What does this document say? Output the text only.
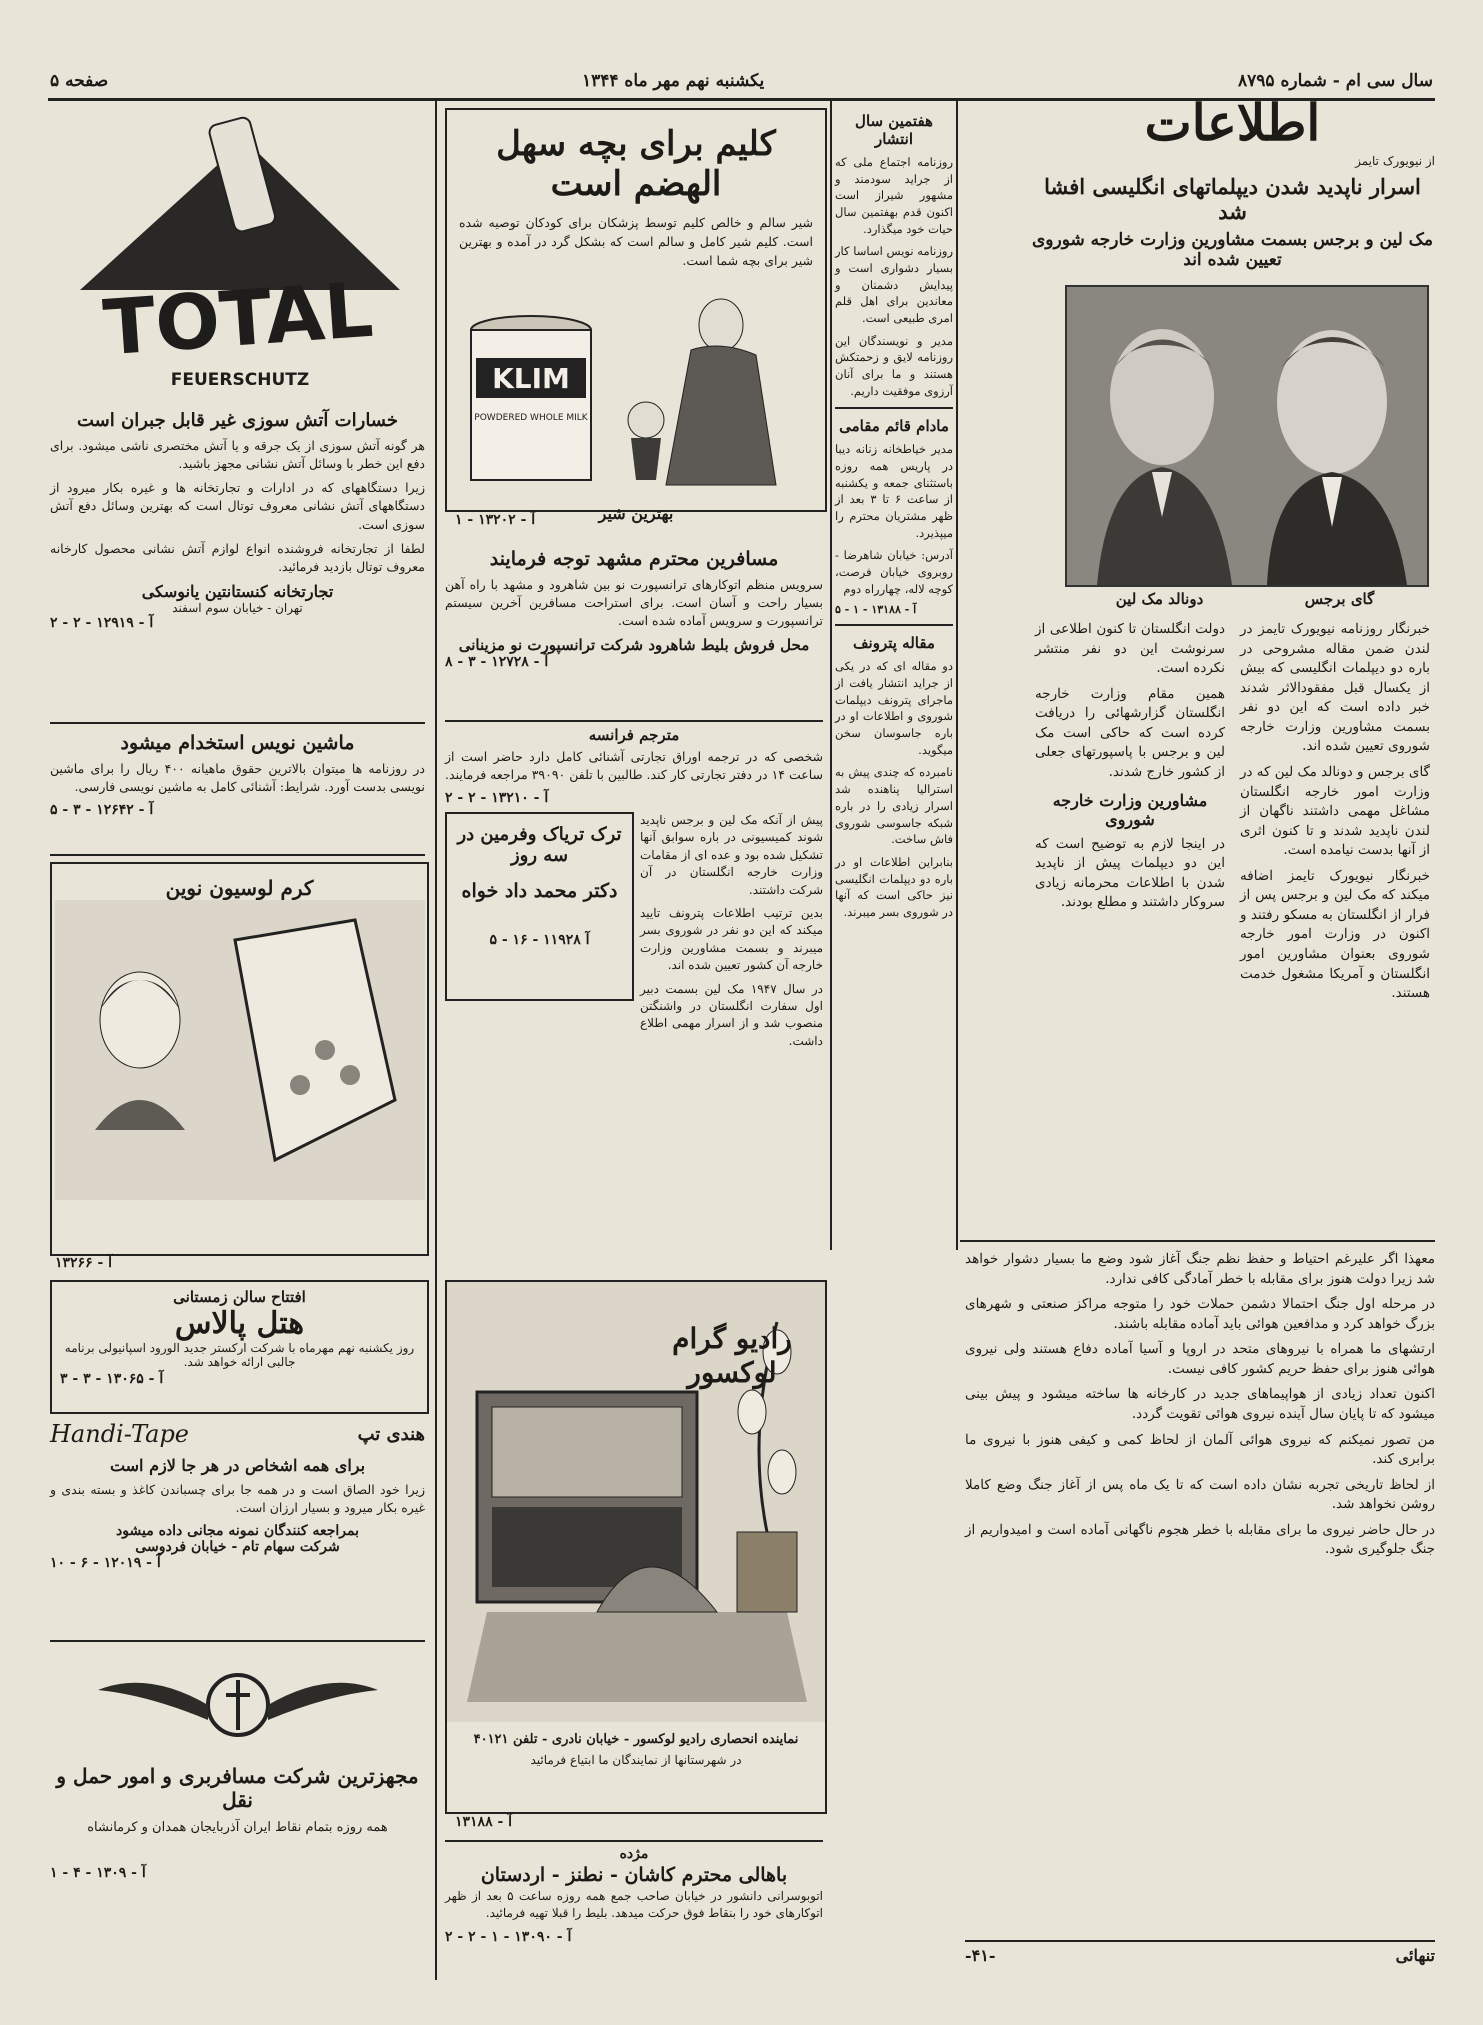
سال سی ام - شماره ۸۷۹۵
یکشنبه نهم مهر ماه ۱۳۴۴
صفحه ۵
اطلاعات
از نیویورک تایمز
اسرار ناپدید شدن دیپلماتهای انگلیسی افشا شد
مک لین و برجس بسمت مشاورین وزارت خارجه شوروی تعیین شده اند
گای برجس
دونالد مک لین

خبرنگار روزنامه نیویورک تایمز در لندن ضمن مقاله مشروحی در باره دو دیپلمات انگلیسی که بیش از یکسال قبل مفقودالاثر شدند خبر داده است که این دو نفر بسمت مشاورین وزارت خارجه شوروی تعیین شده اند.

گای برجس و دونالد مک لین که در وزارت امور خارجه انگلستان مشاغل مهمی داشتند ناگهان از لندن ناپدید شدند و تا کنون اثری از آنها بدست نیامده است.

خبرنگار نیویورک تایمز اضافه میکند که مک لین و برجس پس از فرار از انگلستان به مسکو رفتند و اکنون در وزارت امور خارجه شوروی بعنوان مشاورین امور انگلستان و آمریکا مشغول خدمت هستند.

دولت انگلستان تا کنون اطلاعی از سرنوشت این دو نفر منتشر نکرده است.

همین مقام وزارت خارجه انگلستان گزارشهائی را دریافت کرده است که حاکی است مک لین و برجس با پاسپورتهای جعلی از کشور خارج شدند.

مشاورین وزارت خارجه شوروی

در اینجا لازم به توضیح است که این دو دیپلمات پیش از ناپدید شدن با اطلاعات محرمانه زیادی سروکار داشتند و مطلع بودند.

معهذا اگر علیرغم احتیاط و حفظ نظم جنگ آغاز شود وضع ما بسیار دشوار خواهد شد زیرا دولت هنوز برای مقابله با خطر آمادگی کافی ندارد.

در مرحله اول جنگ احتمالا دشمن حملات خود را متوجه مراکز صنعتی و شهرهای بزرگ خواهد کرد و مدافعین هوائی باید آماده مقابله باشند.

ارتشهای ما همراه با نیروهای متحد در اروپا و آسیا آماده دفاع هستند ولی نیروی هوائی هنوز برای حفظ حریم کشور کافی نیست.

اکنون تعداد زیادی از هواپیماهای جدید در کارخانه ها ساخته میشود و پیش بینی میشود که تا پایان سال آینده نیروی هوائی تقویت گردد.

من تصور نمیکنم که نیروی هوائی آلمان از لحاظ کمی و کیفی هنوز با نیروی ما برابری کند.

از لحاظ تاریخی تجربه نشان داده است که تا یک ماه پس از آغاز جنگ وضع کاملا روشن نخواهد شد.

در حال حاضر نیروی ما برای مقابله با خطر هجوم ناگهانی آماده است و امیدواریم از جنگ جلوگیری شود.

-۴۱-	تنهائی
هفتمین سال انتشار

روزنامه اجتماع ملی که از جراید سودمند و مشهور شیراز است اکنون قدم بهفتمین سال حیات خود میگذارد.

روزنامه نویس اساسا کار بسیار دشواری است و پیدایش دشمنان و معاندین برای اهل قلم امری طبیعی است.

مدیر و نویسندگان این روزنامه لایق و زحمتکش هستند و ما برای آنان آرزوی موفقیت داریم.

مادام قائم مقامی

مدیر خیاطخانه زنانه دیبا در پاریس همه روزه باستثنای جمعه و یکشنبه از ساعت ۶ تا ۳ بعد از ظهر مشتریان محترم را میپذیرد.

آدرس: خیابان شاهرضا - روبروی خیابان فرصت، کوچه لاله، چهارراه دوم

آ - ۱۳۱۸۸ - ۱ - ۵
مقاله پترونف

دو مقاله ای که در یکی از جراید انتشار یافت از ماجرای پترونف دیپلمات شوروی و اطلاعات او در باره جاسوسان سخن میگوید.

نامبرده که چندی پیش به استرالیا پناهنده شد اسرار زیادی را در باره شبکه جاسوسی شوروی فاش ساخت.

بنابراین اطلاعات او در باره دو دیپلمات انگلیسی نیز حاکی است که آنها در شوروی بسر میبرند.

کلیم برای بچه سهل الهضم است

شیر سالم و خالص کلیم توسط پزشکان برای کودکان توصیه شده است. کلیم شیر کامل و سالم است که بشکل گرد در آمده و بهترین شیر برای بچه شما است.

KLIM
POWDERED WHOLE MILK
بهترین شیر
آ - ۱۳۲۰۲ - ۱
مسافرین محترم مشهد توجه فرمایند

سرویس منظم اتوکارهای ترانسپورت نو بین شاهرود و مشهد با راه آهن بسیار راحت و آسان است. برای استراحت مسافرین آخرین سیستم ترانسپورت و سرویس آماده شده است.

محل فروش بلیط شاهرود شرکت ترانسپورت نو مزینانی
آ - ۱۲۷۲۸ - ۳ - ۸
مترجم فرانسه

شخصی که در ترجمه اوراق تجارتی آشنائی کامل دارد حاضر است از ساعت ۱۴ در دفتر تجارتی کار کند. طالبین با تلفن ۳۹۰۹۰ مراجعه فرمایند.

آ - ۱۳۲۱۰ - ۲ - ۲
ترک تریاک وفرمین در سه روز
دکتر محمد داد خواه
آ ۱۱۹۲۸ - ۱۶ - ۵

پیش از آنکه مک لین و برجس ناپدید شوند کمیسیونی در باره سوابق آنها تشکیل شده بود و عده ای از مقامات وزارت خارجه انگلستان در آن شرکت داشتند.

بدین ترتیب اطلاعات پترونف تایید میکند که این دو نفر در شوروی بسر میبرند و بسمت مشاورین وزارت خارجه آن کشور تعیین شده اند.

در سال ۱۹۴۷ مک لین بسمت دبیر اول سفارت انگلستان در واشنگتن منصوب شد و از اسرار مهمی اطلاع داشت.

رادیو گرام لوکسور
نماینده انحصاری رادیو لوکسور - خیابان نادری - تلفن ۴۰۱۲۱
در شهرستانها از نمایندگان ما ابتیاع فرمائید
آ - ۱۳۱۸۸
مژده
باهالی محترم کاشان - نطنز - اردستان

اتوبوسرانی دانشور در خیابان صاحب جمع همه روزه ساعت ۵ بعد از ظهر اتوکارهای خود را بنقاط فوق حرکت میدهد. بلیط را قبلا تهیه فرمائید.

آ - ۱۳۰۹۰ - ۱ - ۲ - ۲
TOTAL
FEUERSCHUTZ
خسارات آتش سوزی غیر قابل جبران است

هر گونه آتش سوزی از یک جرقه و یا آتش مختصری ناشی میشود. برای دفع این خطر با وسائل آتش نشانی مجهز باشید.

زیرا دستگاههای که در ادارات و تجارتخانه ها و غیره بکار میرود از دستگاههای آتش نشانی معروف توتال است که بهترین وسائل دفع آتش سوزی است.

لطفا از تجارتخانه فروشنده انواع لوازم آتش نشانی محصول کارخانه معروف توتال بازدید فرمائید.

تجارتخانه کنستانتین یانوسکی
تهران - خیابان سوم اسفند
آ - ۱۲۹۱۹ - ۲ - ۲
ماشین نویس استخدام میشود

در روزنامه ها میتوان بالاترین حقوق ماهیانه ۴۰۰ ریال را برای ماشین نویسی بدست آورد. شرایط: آشنائی کامل به ماشین نویسی فارسی.

آ - ۱۲۶۴۲ - ۳ - ۵
کرم لوسیون نوین
آ - ۱۳۲۶۶
افتتاح سالن زمستانی
هتل پالاس
روز یکشنبه نهم مهرماه با شرکت ارکستر جدید الورود اسپانیولی برنامه جالبی ارائه خواهد شد.
آ - ۱۳۰۶۵ - ۳ - ۳
Handi-Tape	هندی تپ
برای همه اشخاص در هر جا لازم است

زیرا خود الصاق است و در همه جا برای چسباندن کاغذ و بسته بندی و غیره بکار میرود و بسیار ارزان است.

بمراجعه کنندگان نمونه مجانی داده میشود
شرکت سهام تام - خیابان فردوسی
آ - ۱۲۰۱۹ - ۶ - ۱۰
مجهزترین شرکت مسافربری و امور حمل و نقل
همه روزه بتمام نقاط ایران آذربایجان همدان و کرمانشاه
آ - ۱۳۰۹ - ۴ - ۱
